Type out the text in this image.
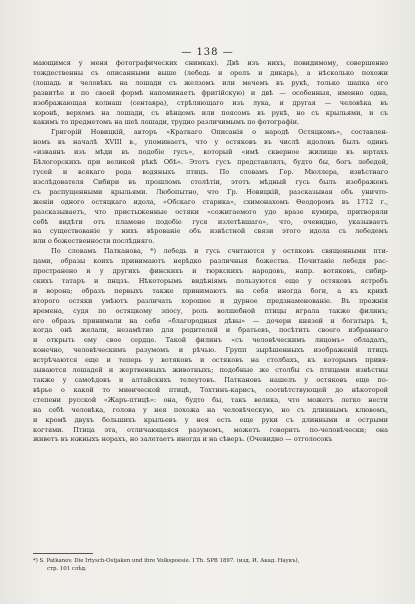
— 138 —
мающимся у меня фотографических снимках). Двѣ изъ нихъ, повидимому, совершенно
тождественны съ описанными выше (лебедь и орелъ и дикарь), а нѣсколько похожи
(лошадь и человѣкъ на лошади съ желзомъ или мечемъ въ рукѣ, только шапка его
развитѣе и по своей формѣ напоминаетъ фригійскую) и двѣ — особенныя, именно одна,
изображающая колнаш (сентавра), стрѣляющаго изъ лука, и другая — человѣка въ
коронѣ, верхомъ на лошади, съ вѣнцомъ или поясомъ въ рукѣ, но съ крыльями, и съ
какимъ то предметомъ на шеѣ лошади, трудно различимымъ по фотографіи.
Григорій Новицкій, авторъ «Краткаго Описанія о народѣ Остяцкомъ», составлен-
номъ въ началѣ XVIII в., упоминаетъ, что у остяковъ въ числѣ идоловъ былъ одинъ
«изваянъ изъ мѣди въ подобіе гусъ», который «имѣ скверное жилище въ юртахъ
Бѣлогорскихъ при великой рѣкѣ Обѣ». Этотъ гусъ представлялъ, будто бы, богъ лебедей,
гусей и всякаго рода водяныхъ птицъ. По словамъ Гер. Мюллера, извѣстнаго
изслѣдователя Сибири въ прошломъ столѣтіи, этотъ мѣдный гусь былъ изображенъ
съ распущенными крыльями. Любопытно, что Гр. Новицкій, разсказывая объ уничто-
женіи одного остяцкаго идола, «Обскаго старика», схимонахомъ Ѳеодоромъ въ 1712 г.,
разсказываетъ, что пристыженные остяки «сожигаемого удо вразе кумира, притворяли
себѣ видѣти отъ пламене подобіе гуся излетѣвшаго», что, очевидно, указываетъ
на существованіе у нихъ вѣрованіе объ извѣстной связи этого идола съ лебедемъ
или о божественности послѣдняго.
По словамъ Патканова, *) лебедь и гусь считаются у остяковъ священными пти-
цами, образы коихъ принимаютъ нерѣдко различныя божества. Почитаніе лебедя рас-
пространено и у другихъ финскихъ и тюркскихъ народовъ, напр. вотяковъ, сибир-
скихъ татаръ и пнцзъ. Нѣкоторымъ видѣніямъ пользуются еще у остяковъ ястребъ
и ворона; образъ первыхъ также принимаютъ на себя иногда боги, а къ крикѣ
второго остяки умѣютъ различать хорошее и дурное предзнаменованіе. Въ прежнія
времена, судя по остяцкому эпосу, роль волшебной птицы играла также филинъ;
его образъ принимали на себя «благородныя дѣвы» — дочери князей и богатыръ ѣ,
когда онѣ желали, незамѣтно для родителей и братьевъ, посѣтить своего избраннаго
и открыть ему свое сердце. Такой филинъ «съ человѣческимъ лицомъ» обладалъ,
конечно, человѣческимъ разумомъ и рѣчью. Групп зырѣшенныхъ изображеній птицъ
встрѣчаются еще и теперь у вотяковъ и остяковъ на столбахъ, къ которымъ привя-
зываются лошадей и жертвенныхъ животныхъ; подобные же столбы съ птицами извѣстны
также у самоѣдовъ и алтайскихъ телеутовъ. Паткановъ нашелъ у остяковъ еще по-
вѣрье о какой то миѳической птицѣ, Тохтинъ-карисъ, соотвѣтствующей до нѣкоторой
степени русской «Жаръ-птицѣ»: она, будто бы, такъ велика, что можетъ легко нести
на себѣ человѣка, голова у нея похожа на человѣческую, но съ длиннымъ клювомъ,
и кромѣ двухъ большихъ крыльевъ у нея есть еще руки съ длинными и острыми
когтями. Птица эта, отличающаяся разумомъ, можетъ говорить по-человѣчески; она
живетъ въ южныхъ норахъ, но залетаетъ иногда и на сѣверъ. (Очевидно — отголосокъ
*) S. Patkanov. Die Irtysch-Ostjaken und ihre Volkspoesie. I Th. SPB 1897. (изд. И. Акад. Наукъ),
стр. 101 слѣд.
